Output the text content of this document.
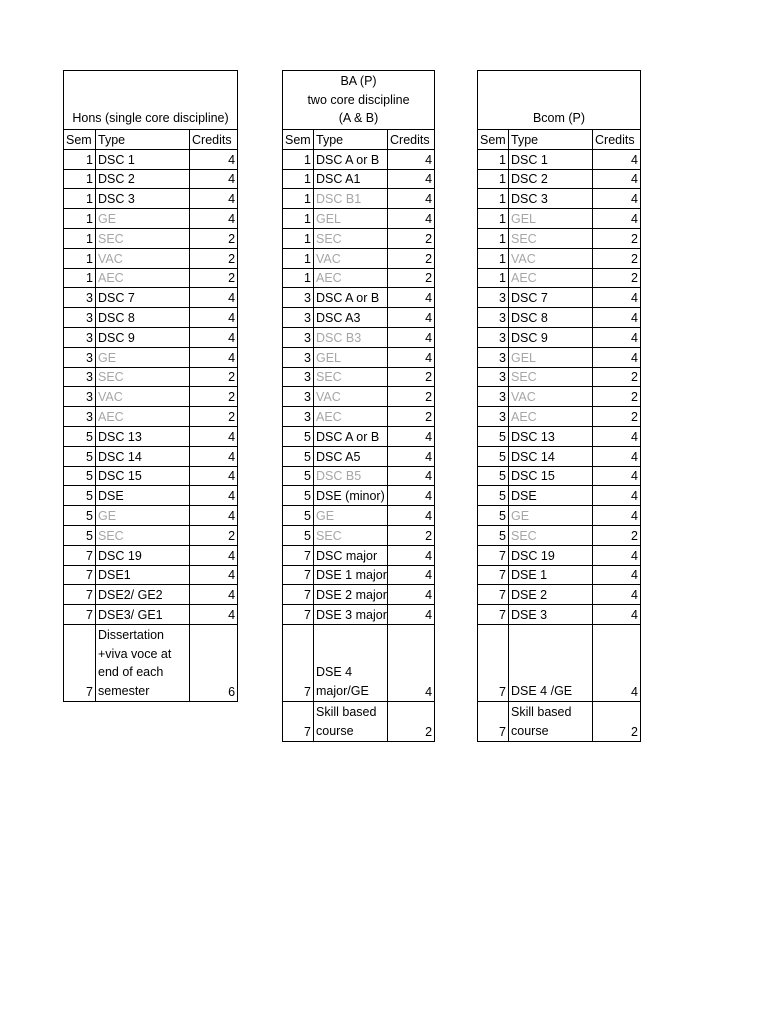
Hons (single core discipline)		

Sem	Type	Credits
1	DSC 1	4
1	DSC 2	4
1	DSC 3	4
1	GE	4
1	SEC	2
1	VAC	2
1	AEC	2
3	DSC 7	4
3	DSC 8	4
3	DSC 9	4
3	GE	4
3	SEC	2
3	VAC	2
3	AEC	2
5	DSC 13	4
5	DSC 14	4
5	DSC 15	4
5	DSE	4
5	GE	4
5	SEC	2
7	DSC 19	4
7	DSE1	4
7	DSE2/ GE2	4
7	DSE3/ GE1	4
7	Dissertation
+viva voce at
end of each
semester	6
BA (P)
two core discipline
(A & B)		

Sem	Type	Credits
1	DSC A or B	4
1	DSC A1	4
1	DSC B1	4
1	GEL	4
1	SEC	2
1	VAC	2
1	AEC	2
3	DSC A or B	4
3	DSC A3	4
3	DSC B3	4
3	GEL	4
3	SEC	2
3	VAC	2
3	AEC	2
5	DSC A or B	4
5	DSC A5	4
5	DSC B5	4
5	DSE (minor)	4
5	GE	4
5	SEC	2
7	DSC major	4
7	DSE 1 major	4
7	DSE 2 major	4
7	DSE 3 major	4
7	DSE 4
major/GE	4
7	Skill based
course	2
Bcom (P)		

Sem	Type	Credits
1	DSC 1	4
1	DSC 2	4
1	DSC 3	4
1	GEL	4
1	SEC	2
1	VAC	2
1	AEC	2
3	DSC 7	4
3	DSC 8	4
3	DSC 9	4
3	GEL	4
3	SEC	2
3	VAC	2
3	AEC	2
5	DSC 13	4
5	DSC 14	4
5	DSC 15	4
5	DSE	4
5	GE	4
5	SEC	2
7	DSC 19	4
7	DSE 1	4
7	DSE 2	4
7	DSE 3	4
7	DSE 4 /GE	4
7	Skill based
course	2
